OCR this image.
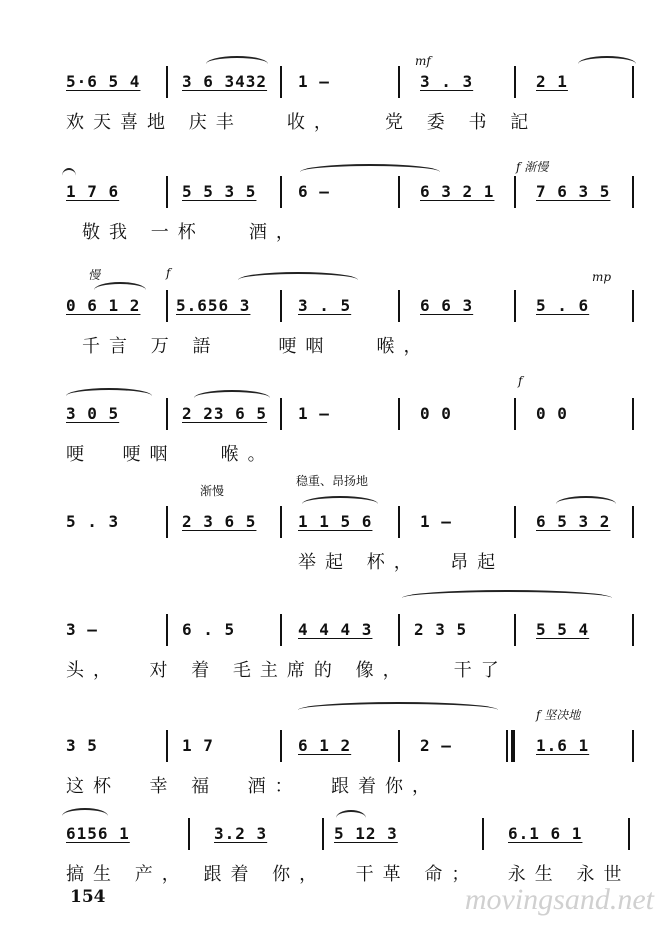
mf
5·6 5 4	3 6 3432 1 –	3 . 3	2 1
欢天喜地 庆丰   收，   党 委 书 記
f 渐慢
1 7 6	5 5 3 5	6 –	6 3 2 1	7 6 3 5
敬我 一杯   酒，
慢	f	mp
0 6 1 2 5.656 3	3 . 5	6 6 3	5 . 6
千言 万 語    哽咽   喉，
f
3 0 5	2 23 6 5 1 –	0 0	0 0
哽  哽咽   喉。
渐慢
稳重、昂扬地
5 . 3	2 3 6 5	1 1 5 6	1 –	6 5 3 2
举起 杯，  昂起
3 –	6 . 5	4 4 4 3	2 3 5	5 5 4
头，  对 着 毛主席的 像，   干了
f 坚决地
3 5	1 7	6 1 2	2 –	1.6 1
这杯  幸 福  酒：  跟着你，
6156 1	3.2 3	5 12 3	6.1 6 1
搞生 产， 跟着 你，  干革 命；  永生 永世
154	movingsand.net
